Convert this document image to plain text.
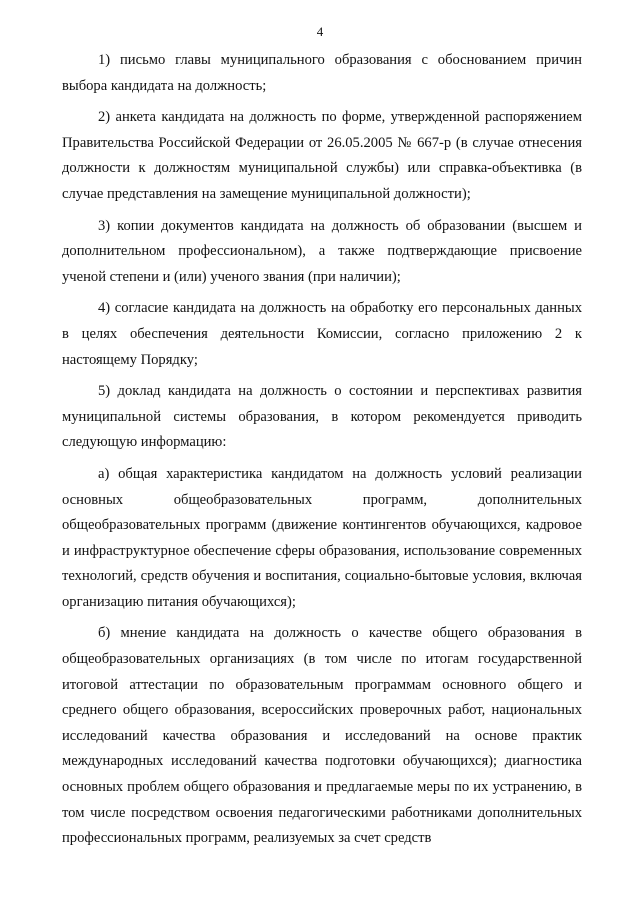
4

1) письмо главы муниципального образования с обоснованием причин выбора кандидата на должность;

2) анкета кандидата на должность по форме, утвержденной распоряжением Правительства Российской Федерации от 26.05.2005 № 667-р (в случае отнесения должности к должностям муниципальной службы) или справка-объективка (в случае представления на замещение муниципальной должности);

3) копии документов кандидата на должность об образовании (высшем и дополнительном профессиональном), а также подтверждающие присвоение ученой степени и (или) ученого звания (при наличии);

4) согласие кандидата на должность на обработку его персональных данных в целях обеспечения деятельности Комиссии, согласно приложению 2 к настоящему Порядку;

5) доклад кандидата на должность о состоянии и перспективах развития муниципальной системы образования, в котором рекомендуется приводить следующую информацию:

а) общая характеристика кандидатом на должность условий реализации основных общеобразовательных программ, дополнительных общеобразовательных программ (движение контингентов обучающихся, кадровое и инфраструктурное обеспечение сферы образования, использование современных технологий, средств обучения и воспитания, социально-бытовые условия, включая организацию питания обучающихся);

б) мнение кандидата на должность о качестве общего образования в общеобразовательных организациях (в том числе по итогам государственной итоговой аттестации по образовательным программам основного общего и среднего общего образования, всероссийских проверочных работ, национальных исследований качества образования и исследований на основе практик международных исследований качества подготовки обучающихся); диагностика основных проблем общего образования и предлагаемые меры по их устранению, в том числе посредством освоения педагогическими работниками дополнительных профессиональных программ, реализуемых за счет средств
